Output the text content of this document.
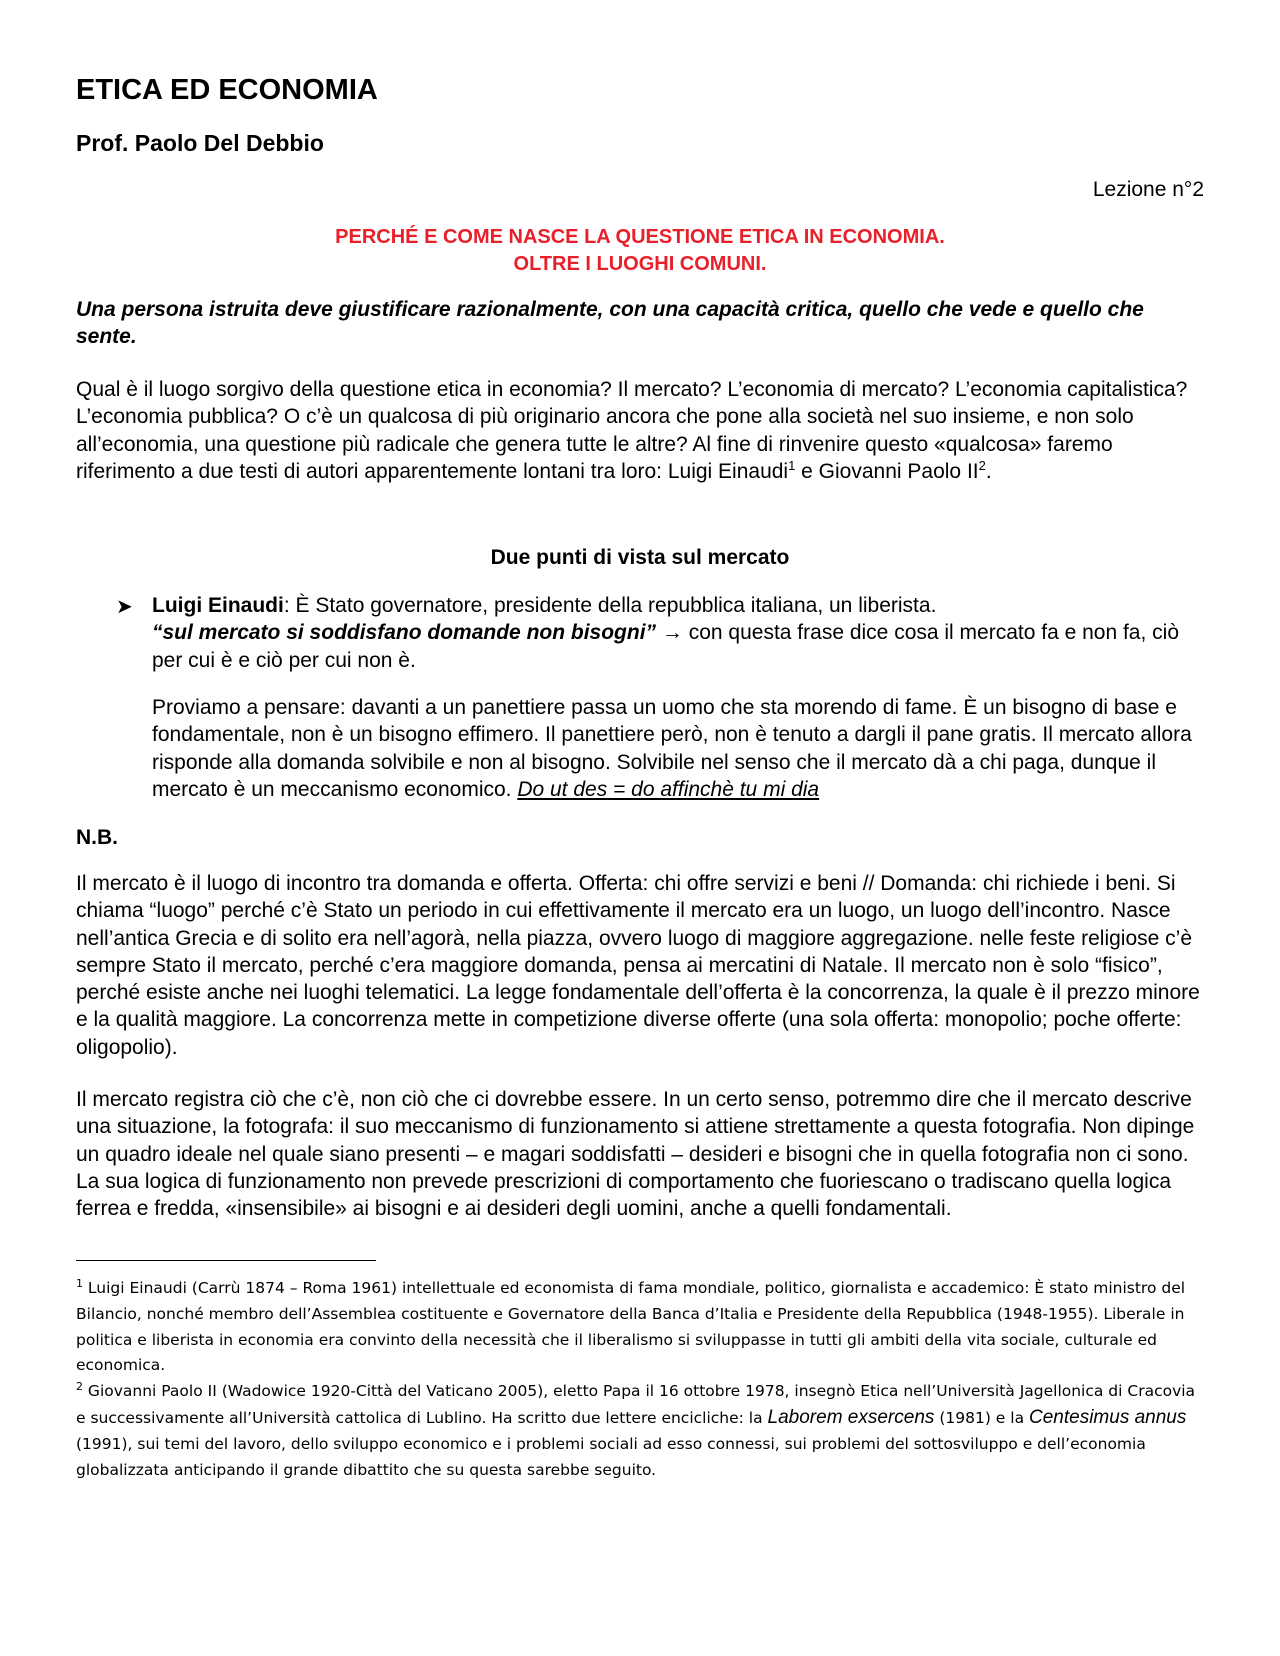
ETICA ED ECONOMIA

Prof. Paolo Del Debbio

Lezione n°2

PERCHÉ E COME NASCE LA QUESTIONE ETICA IN ECONOMIA.
OLTRE I LUOGHI COMUNI.

Una persona istruita deve giustificare razionalmente, con una capacità critica, quello che vede e quello che sente.

Qual è il luogo sorgivo della questione etica in economia? Il mercato? L’economia di mercato? L’economia capitalistica? L’economia pubblica? O c’è un qualcosa di più originario ancora che pone alla società nel suo insieme, e non solo all’economia, una questione più radicale che genera tutte le altre? Al fine di rinvenire questo «qualcosa» faremo riferimento a due testi di autori apparentemente lontani tra loro: Luigi Einaudi$^1$ e Giovanni Paolo $II^2$.

Due punti di vista sul mercato

➤ Luigi Einaudi: È Stato governatore, presidente della repubblica italiana, un liberista.
“sul mercato si soddisfano domande non bisogni” → con questa frase dice cosa il mercato fa e non fa, ciò per cui è e ciò per cui non è.

Proviamo a pensare: davanti a un panettiere passa un uomo che sta morendo di fame. È un bisogno di base e fondamentale, non è un bisogno effimero. Il panettiere però, non è tenuto a dargli il pane gratis. Il mercato allora risponde alla domanda solvibile e non al bisogno. Solvibile nel senso che il mercato dà a chi paga, dunque il mercato è un meccanismo economico. Do ut des = do affinchè tu mi dia

N.B.

Il mercato è il luogo di incontro tra domanda e offerta. Offerta: chi offre servizi e beni // Domanda: chi richiede i beni. Si chiama “luogo” perché c’è Stato un periodo in cui effettivamente il mercato era un luogo, un luogo dell’incontro. Nasce nell’antica Grecia e di solito era nell’agorà, nella piazza, ovvero luogo di maggiore aggregazione. nelle feste religiose c’è sempre Stato il mercato, perché c’era maggiore domanda, pensa ai mercatini di Natale. Il mercato non è solo “fisico”, perché esiste anche nei luoghi telematici. La legge fondamentale dell’offerta è la concorrenza, la quale è il prezzo minore e la qualità maggiore. La concorrenza mette in competizione diverse offerte (una sola offerta: monopolio; poche offerte: oligopolio).

Il mercato registra ciò che c’è, non ciò che ci dovrebbe essere. In un certo senso, potremmo dire che il mercato descrive una situazione, la fotografa: il suo meccanismo di funzionamento si attiene strettamente a questa fotografia. Non dipinge un quadro ideale nel quale siano presenti – e magari soddisfatti – desideri e bisogni che in quella fotografia non ci sono. La sua logica di funzionamento non prevede prescrizioni di comportamento che fuoriescano o tradiscano quella logica ferrea e fredda, «insensibile» ai bisogni e ai desideri degli uomini, anche a quelli fondamentali.

$^1$ Luigi Einaudi (Carrù 1874 – Roma 1961) intellettuale ed economista di fama mondiale, politico, giornalista e accademico: È stato ministro del Bilancio, nonché membro dell’Assemblea costituente e Governatore della Banca d’Italia e Presidente della Repubblica (1948-1955). Liberale in politica e liberista in economia era convinto della necessità che il liberalismo si sviluppasse in tutti gli ambiti della vita sociale, culturale ed economica.

$^2$ Giovanni Paolo II (Wadowice 1920-Città del Vaticano 2005), eletto Papa il 16 ottobre 1978, insegnò Etica nell’Università Jagellonica di Cracovia e successivamente all’Università cattolica di Lublino. Ha scritto due lettere encicliche: la Laborem exsercens (1981) e la Centesimus annus (1991), sui temi del lavoro, dello sviluppo economico e i problemi sociali ad esso connessi, sui problemi del sottosviluppo e dell’economia globalizzata anticipando il grande dibattito che su questa sarebbe seguito.
